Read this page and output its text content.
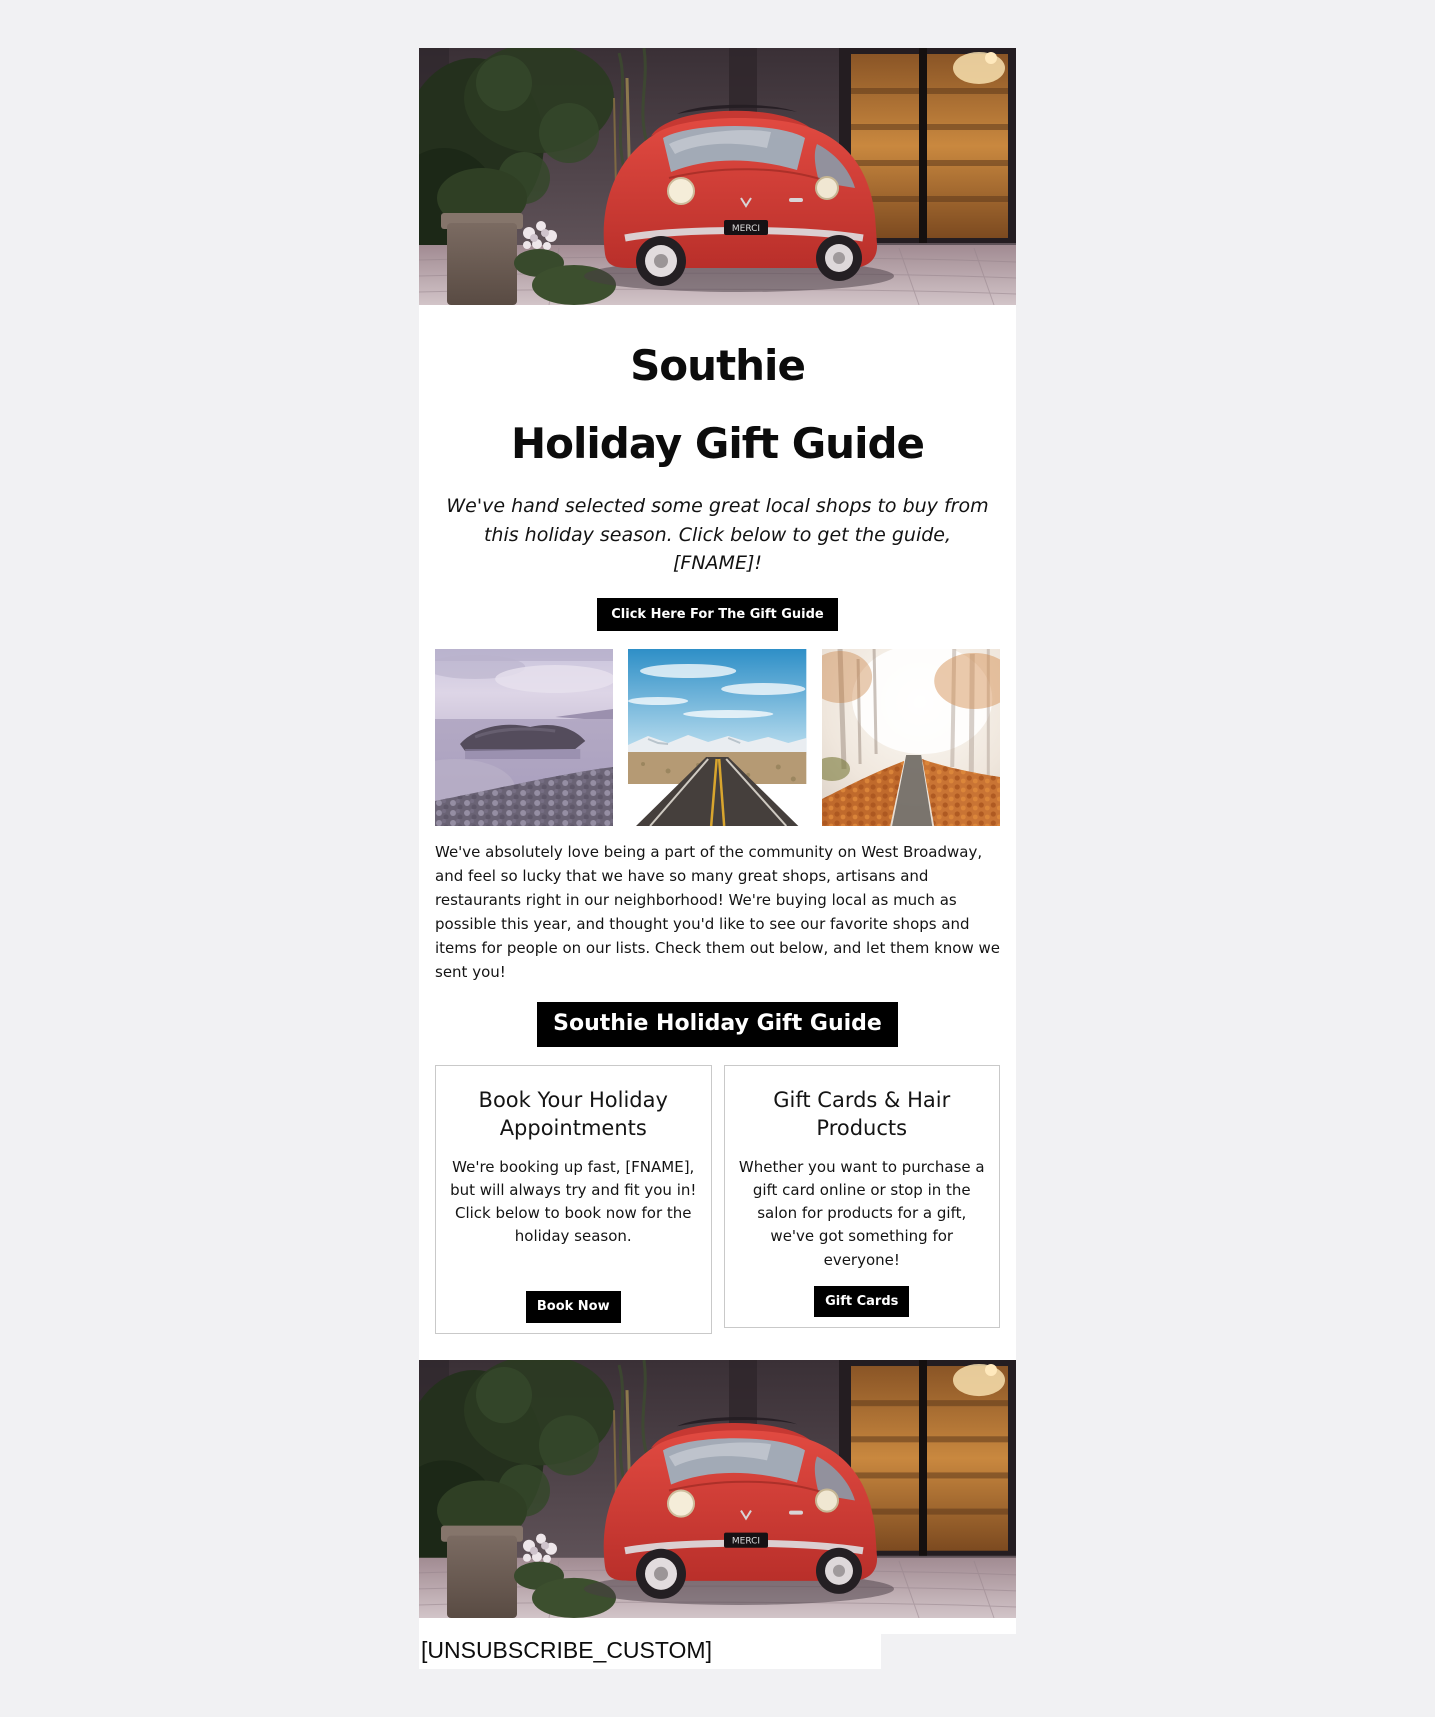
Southie
Holiday Gift Guide

We've hand selected some great local shops to buy from this holiday season. Click below to get the guide, [FNAME]!

Click Here For The Gift Guide

We've absolutely love being a part of the community on West Broadway, and feel so lucky that we have so many great shops, artisans and restaurants right in our neighborhood! We're buying local as much as possible this year, and thought you'd like to see our favorite shops and items for people on our lists. Check them out below, and let them know we sent you!

Southie Holiday Gift Guide
Book Your Holiday Appointments

We're booking up fast, [FNAME], but will always try and fit you in! Click below to book now for the holiday season.

Book Now
Gift Cards & Hair Products

Whether you want to purchase a gift card online or stop in the salon for products for a gift, we've got something for everyone!

Gift Cards
[UNSUBSCRIBE_CUSTOM]
